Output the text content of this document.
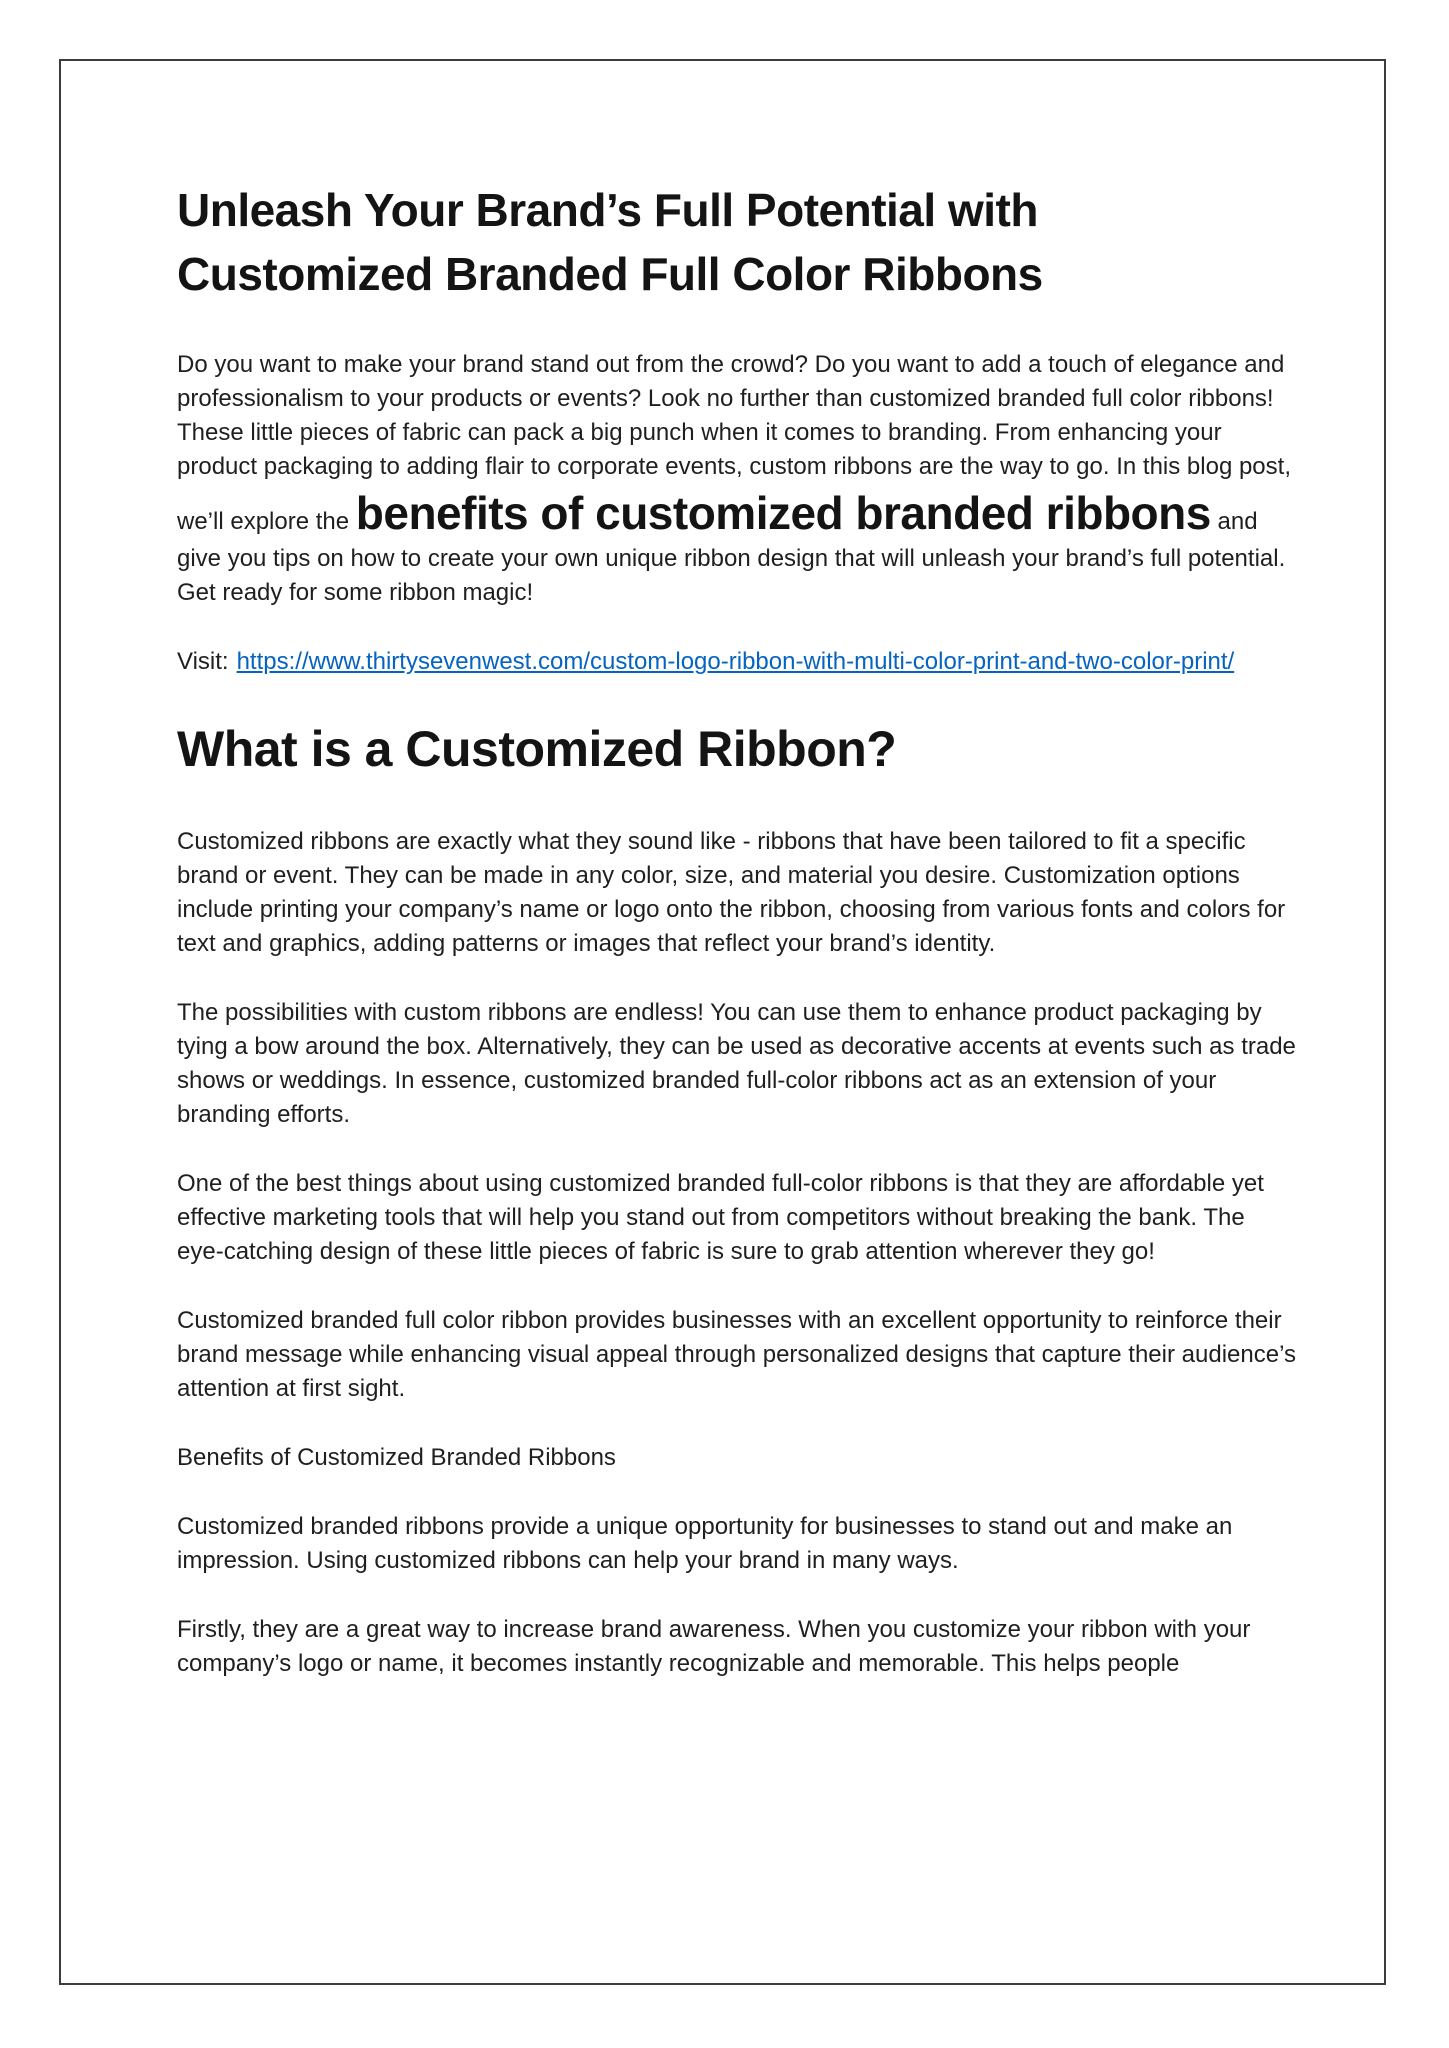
Unleash Your Brand’s Full Potential with Customized Branded Full Color Ribbons

Do you want to make your brand stand out from the crowd? Do you want to add a touch of elegance and professionalism to your products or events? Look no further than customized branded full color ribbons! These little pieces of fabric can pack a big punch when it comes to branding. From enhancing your product packaging to adding flair to corporate events, custom ribbons are the way to go. In this blog post, we’ll explore the benefits of customized branded ribbons and give you tips on how to create your own unique ribbon design that will unleash your brand’s full potential. Get ready for some ribbon magic!

Visit: https://www.thirtysevenwest.com/custom-logo-ribbon-with-multi-color-print-and-two-color-print/

What is a Customized Ribbon?

Customized ribbons are exactly what they sound like - ribbons that have been tailored to fit a specific brand or event. They can be made in any color, size, and material you desire. Customization options include printing your company’s name or logo onto the ribbon, choosing from various fonts and colors for text and graphics, adding patterns or images that reflect your brand’s identity.

The possibilities with custom ribbons are endless! You can use them to enhance product packaging by tying a bow around the box. Alternatively, they can be used as decorative accents at events such as trade shows or weddings. In essence, customized branded full-color ribbons act as an extension of your branding efforts.

One of the best things about using customized branded full-color ribbons is that they are affordable yet effective marketing tools that will help you stand out from competitors without breaking the bank. The eye-catching design of these little pieces of fabric is sure to grab attention wherever they go!

Customized branded full color ribbon provides businesses with an excellent opportunity to reinforce their brand message while enhancing visual appeal through personalized designs that capture their audience’s attention at first sight.

Benefits of Customized Branded Ribbons

Customized branded ribbons provide a unique opportunity for businesses to stand out and make an impression. Using customized ribbons can help your brand in many ways.

Firstly, they are a great way to increase brand awareness. When you customize your ribbon with your company’s logo or name, it becomes instantly recognizable and memorable. This helps people
